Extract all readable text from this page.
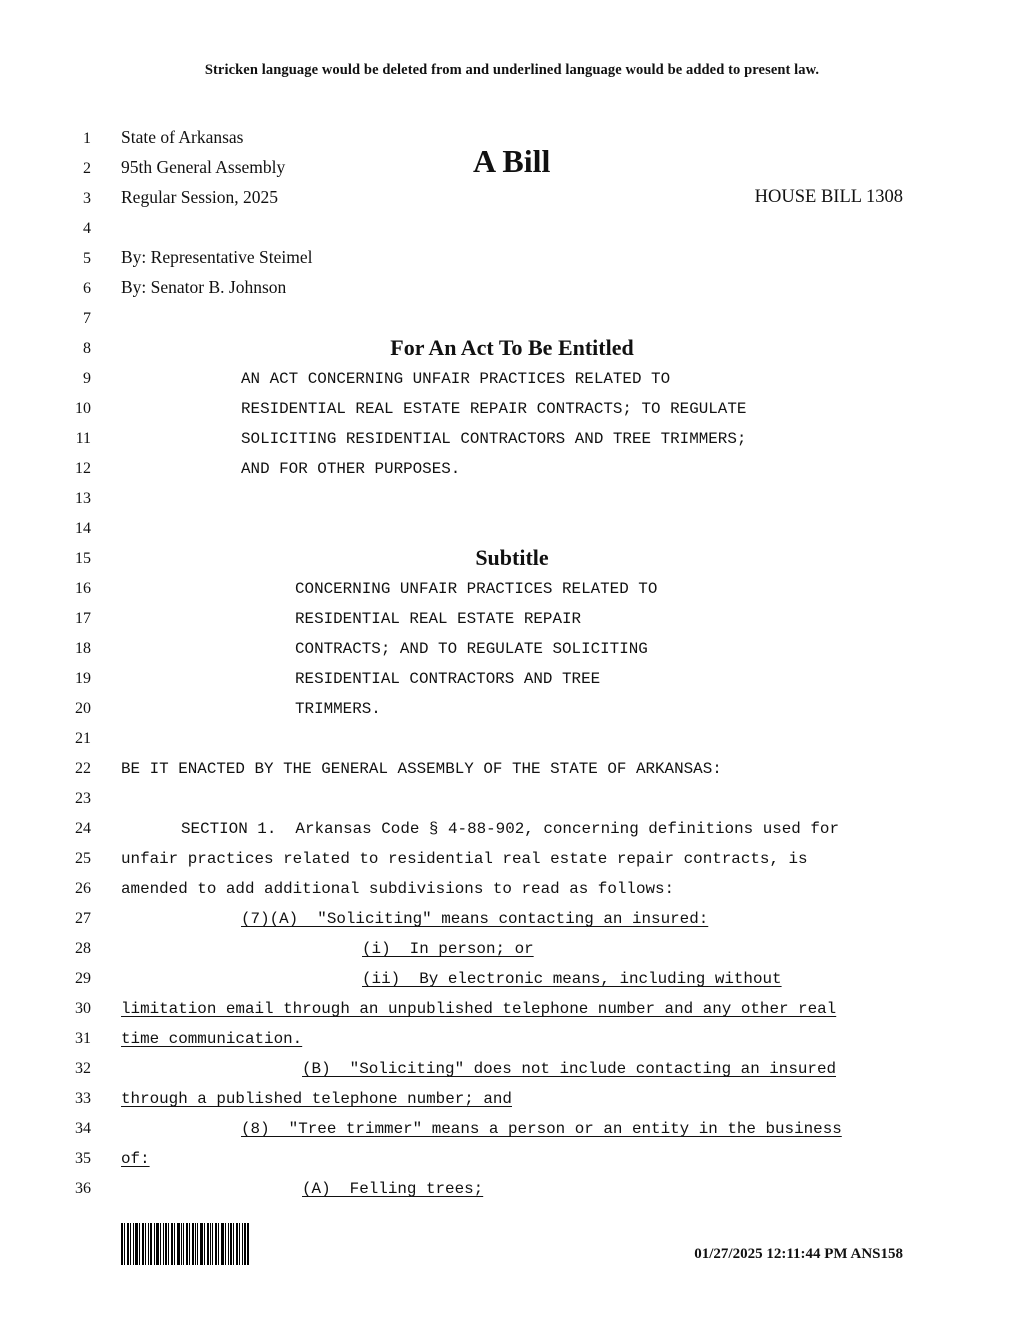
Stricken language would be deleted from and underlined language would be added to present law.
1 State of Arkansas
2 95th General Assembly	A Bill
3 Regular Session, 2025	HOUSE BILL 1308
4
5 By: Representative Steimel
6 By: Senator B. Johnson
7
8	For An Act To Be Entitled
9	AN ACT CONCERNING UNFAIR PRACTICES RELATED TO
10	RESIDENTIAL REAL ESTATE REPAIR CONTRACTS; TO REGULATE
11	SOLICITING RESIDENTIAL CONTRACTORS AND TREE TRIMMERS;
12	AND FOR OTHER PURPOSES.
13
14
15	Subtitle
16	CONCERNING UNFAIR PRACTICES RELATED TO
17	RESIDENTIAL REAL ESTATE REPAIR
18	CONTRACTS; AND TO REGULATE SOLICITING
19	RESIDENTIAL CONTRACTORS AND TREE
20	TRIMMERS.
21
22 BE IT ENACTED BY THE GENERAL ASSEMBLY OF THE STATE OF ARKANSAS:
23
24	SECTION 1.  Arkansas Code § 4-88-902, concerning definitions used for
25 unfair practices related to residential real estate repair contracts, is
26 amended to add additional subdivisions to read as follows:
27	(7)(A)  "Soliciting" means contacting an insured:
28	(i)  In person; or
29	(ii)  By electronic means, including without
30 limitation email through an unpublished telephone number and any other real
31 time communication.
32	(B)  "Soliciting" does not include contacting an insured
33 through a published telephone number; and
34	(8)  "Tree trimmer" means a person or an entity in the business
35 of:
36	(A)  Felling trees;
01/27/2025 12:11:44 PM ANS158
